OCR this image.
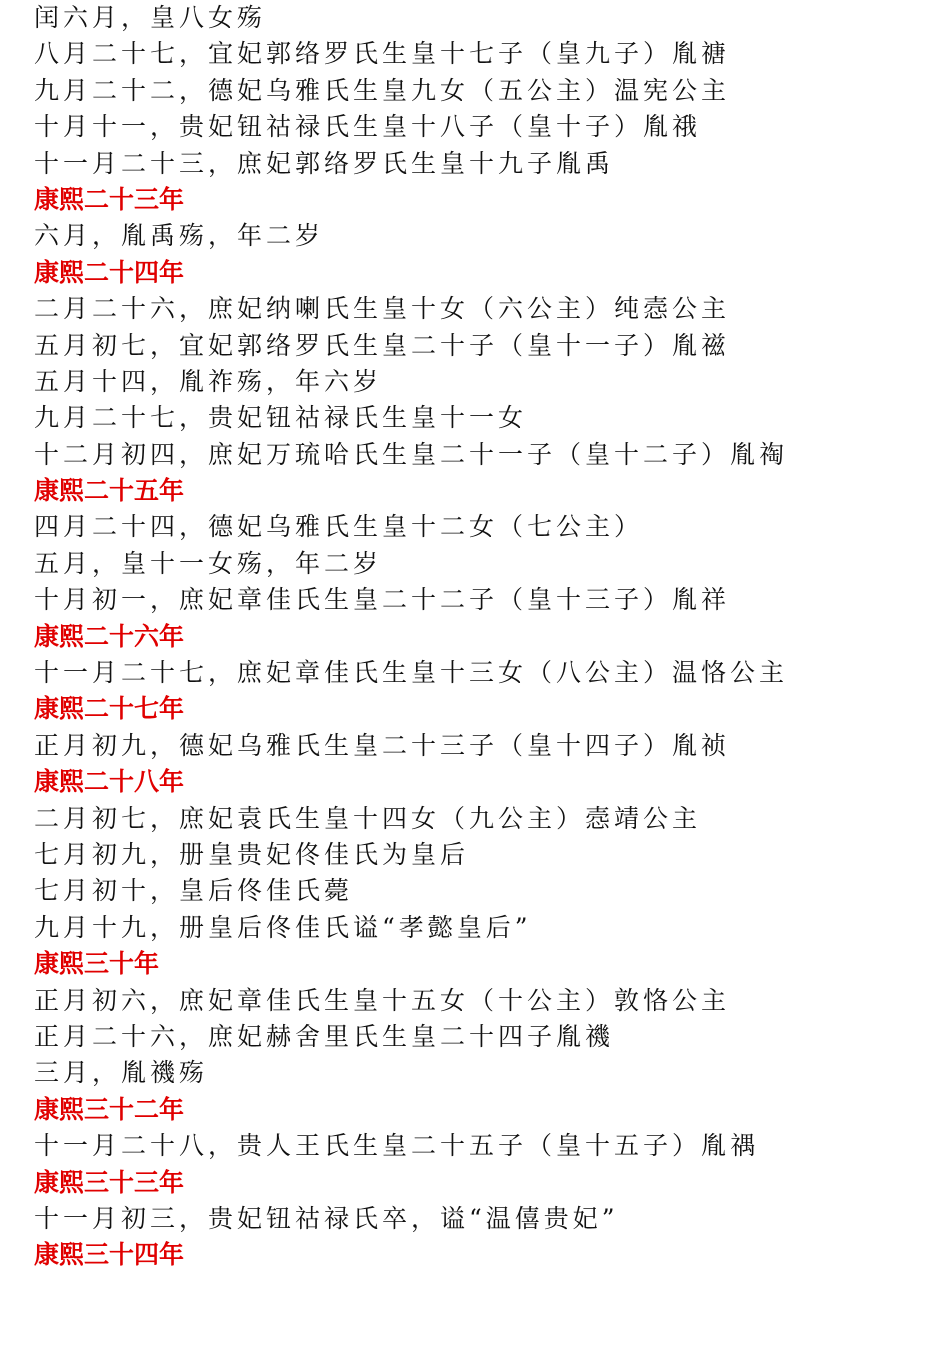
闰六月，皇八女殇
八月二十七，宜妃郭络罗氏生皇十七子（皇九子）胤禟
九月二十二，德妃乌雅氏生皇九女（五公主）温宪公主
十月十一，贵妃钮祜禄氏生皇十八子（皇十子）胤䄉
十一月二十三，庶妃郭络罗氏生皇十九子胤禹
康熙二十三年
六月，胤禹殇，年二岁
康熙二十四年
二月二十六，庶妃纳喇氏生皇十女（六公主）纯悫公主
五月初七，宜妃郭络罗氏生皇二十子（皇十一子）胤禌
五月十四，胤祚殇，年六岁
九月二十七，贵妃钮祜禄氏生皇十一女
十二月初四，庶妃万琉哈氏生皇二十一子（皇十二子）胤祹
康熙二十五年
四月二十四，德妃乌雅氏生皇十二女（七公主）
五月，皇十一女殇，年二岁
十月初一，庶妃章佳氏生皇二十二子（皇十三子）胤祥
康熙二十六年
十一月二十七，庶妃章佳氏生皇十三女（八公主）温恪公主
康熙二十七年
正月初九，德妃乌雅氏生皇二十三子（皇十四子）胤祯
康熙二十八年
二月初七，庶妃袁氏生皇十四女（九公主）悫靖公主
七月初九，册皇贵妃佟佳氏为皇后
七月初十，皇后佟佳氏薨
九月十九，册皇后佟佳氏谥“孝懿皇后”
康熙三十年
正月初六，庶妃章佳氏生皇十五女（十公主）敦恪公主
正月二十六，庶妃赫舍里氏生皇二十四子胤禨
三月，胤禨殇
康熙三十二年
十一月二十八，贵人王氏生皇二十五子（皇十五子）胤禑
康熙三十三年
十一月初三，贵妃钮祜禄氏卒，谥“温僖贵妃”
康熙三十四年
